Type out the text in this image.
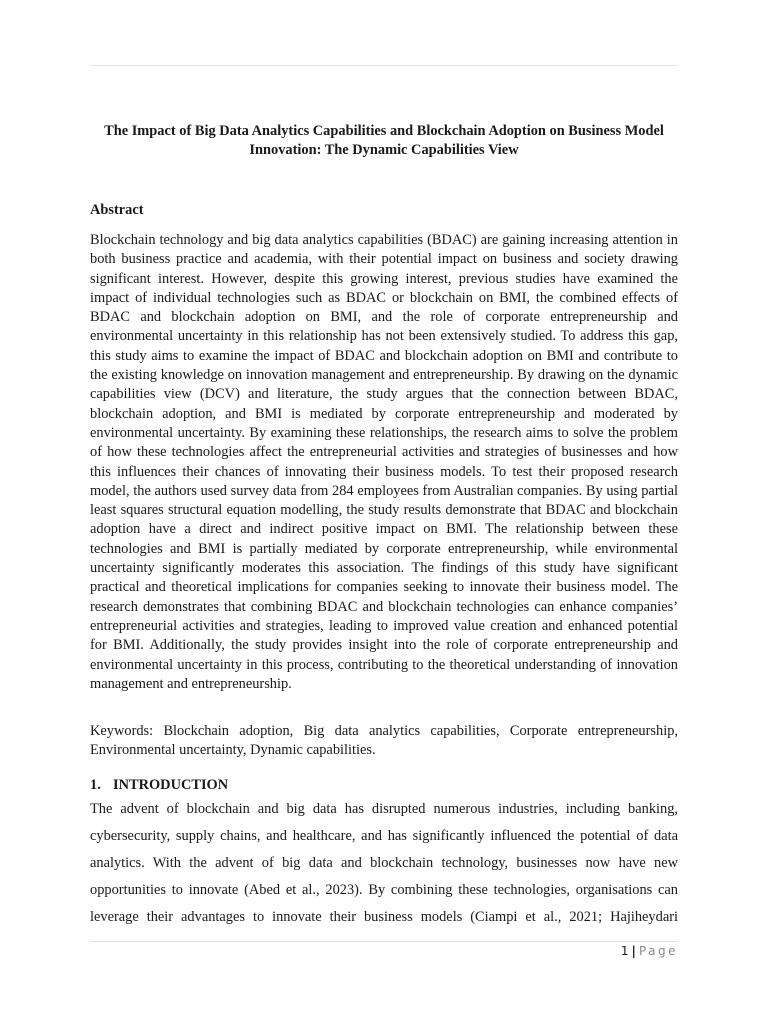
The Impact of Big Data Analytics Capabilities and Blockchain Adoption on Business Model Innovation: The Dynamic Capabilities View
Abstract

Blockchain technology and big data analytics capabilities (BDAC) are gaining increasing attention in both business practice and academia, with their potential impact on business and society drawing significant interest. However, despite this growing interest, previous studies have examined the impact of individual technologies such as BDAC or blockchain on BMI, the combined effects of BDAC and blockchain adoption on BMI, and the role of corporate entrepreneurship and environmental uncertainty in this relationship has not been extensively studied. To address this gap, this study aims to examine the impact of BDAC and blockchain adoption on BMI and contribute to the existing knowledge on innovation management and entrepreneurship. By drawing on the dynamic capabilities view (DCV) and literature, the study argues that the connection between BDAC, blockchain adoption, and BMI is mediated by corporate entrepreneurship and moderated by environmental uncertainty. By examining these relationships, the research aims to solve the problem of how these technologies affect the entrepreneurial activities and strategies of businesses and how this influences their chances of innovating their business models. To test their proposed research model, the authors used survey data from 284 employees from Australian companies. By using partial least squares structural equation modelling, the study results demonstrate that BDAC and blockchain adoption have a direct and indirect positive impact on BMI. The relationship between these technologies and BMI is partially mediated by corporate entrepreneurship, while environmental uncertainty significantly moderates this association. The findings of this study have significant practical and theoretical implications for companies seeking to innovate their business model. The research demonstrates that combining BDAC and blockchain technologies can enhance companies’ entrepreneurial activities and strategies, leading to improved value creation and enhanced potential for BMI. Additionally, the study provides insight into the role of corporate entrepreneurship and environmental uncertainty in this process, contributing to the theoretical understanding of innovation management and entrepreneurship.

Keywords: Blockchain adoption, Big data analytics capabilities, Corporate entrepreneurship, Environmental uncertainty, Dynamic capabilities.

1. INTRODUCTION

The advent of blockchain and big data has disrupted numerous industries, including banking, cybersecurity, supply chains, and healthcare, and has significantly influenced the potential of data analytics. With the advent of big data and blockchain technology, businesses now have new opportunities to innovate (Abed et al., 2023). By combining these technologies, organisations can leverage their advantages to innovate their business models (Ciampi et al., 2021; Hajiheydari

1 | Page
